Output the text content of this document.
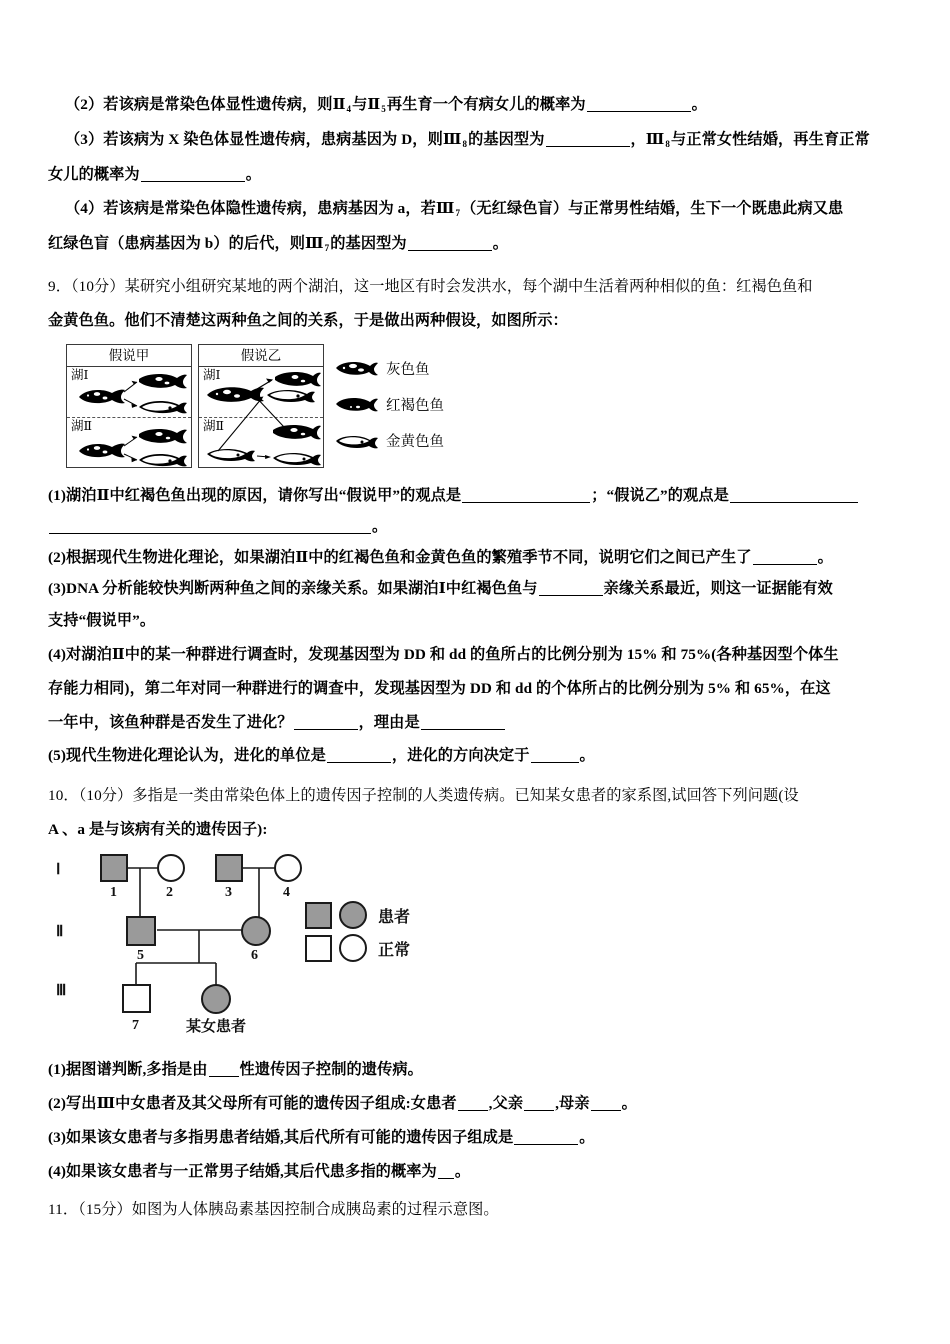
（2）若该病是常染色体显性遗传病，则$Ⅱ_4$与$Ⅱ_5$再生育一个有病女儿的概率为	。

（3）若该病为 X 染色体显性遗传病，患病基因为 D，则$Ⅲ_8$的基因型为	，$Ⅲ_8$与正常女性结婚，再生育正常

女儿的概率为	。

（4）若该病是常染色体隐性遗传病，患病基因为 a，若$Ⅲ_7$（无红绿色盲）与正常男性结婚，生下一个既患此病又患

红绿色盲（患病基因为 b）的后代，则$Ⅲ_7$的基因型为	。

9．（10分）某研究小组研究某地的两个湖泊，这一地区有时会发洪水，每个湖中生活着两种相似的鱼：红褐色鱼和

金黄色鱼。他们不清楚这两种鱼之间的关系，于是做出两种假设，如图所示：

假说甲
湖Ⅰ
湖Ⅱ
假说乙
湖Ⅰ
湖Ⅱ
灰色鱼
红褐色鱼
金黄色鱼

(1)湖泊Ⅱ中红褐色鱼出现的原因，请你写出“假说甲”的观点是	；“假说乙”的观点是

。

(2)根据现代生物进化理论，如果湖泊Ⅱ中的红褐色鱼和金黄色鱼的繁殖季节不同，说明它们之间已产生了	。

(3)DNA 分析能较快判断两种鱼之间的亲缘关系。如果湖泊Ⅰ中红褐色鱼与	亲缘关系最近，则这一证据能有效

支持“假说甲”。

(4)对湖泊Ⅱ中的某一种群进行调查时，发现基因型为 DD 和 dd 的鱼所占的比例分别为 15% 和 75%(各种基因型个体生

存能力相同)，第二年对同一种群进行的调查中，发现基因型为 DD 和 dd 的个体所占的比例分别为 5% 和 65%，在这

一年中，该鱼种群是否发生了进化？	，理由是

(5)现代生物进化理论认为，进化的单位是	，进化的方向决定于	。

10．（10分）多指是一类由常染色体上的遗传因子控制的人类遗传病。已知某女患者的家系图,试回答下列问题(设

A 、a 是与该病有关的遗传因子):

Ⅰ
Ⅱ
Ⅲ
1	2	3	4
5	6
7	某女患者
患者
正常

(1)据图谱判断,多指是由 性遗传因子控制的遗传病。

(2)写出Ⅲ中女患者及其父母所有可能的遗传因子组成:女患者 ,父亲 ,母亲 。

(3)如果该女患者与多指男患者结婚,其后代所有可能的遗传因子组成是	。

(4)如果该女患者与一正常男子结婚,其后代患多指的概率为 。

11．（15分）如图为人体胰岛素基因控制合成胰岛素的过程示意图。
